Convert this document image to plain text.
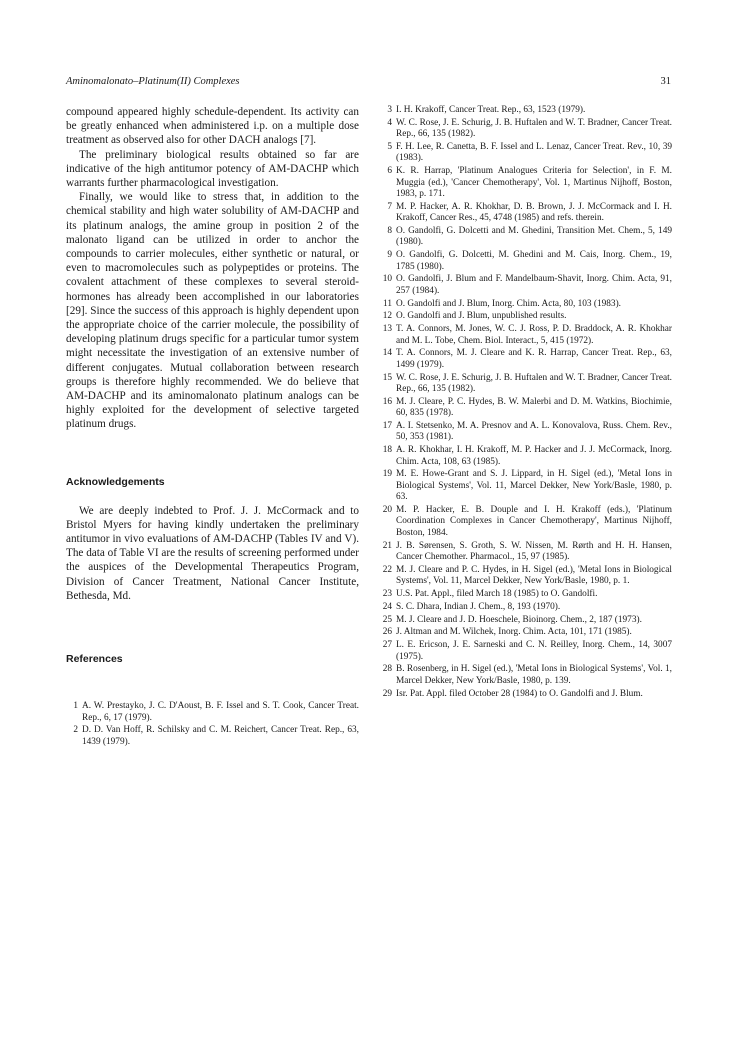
Aminomalonato–Platinum(II) Complexes	31

compound appeared highly schedule-dependent. Its activity can be greatly enhanced when administered i.p. on a multiple dose treatment as observed also for other DACH analogs [7].

The preliminary biological results obtained so far are indicative of the high antitumor potency of AM-DACHP which warrants further pharmacological investigation.

Finally, we would like to stress that, in addition to the chemical stability and high water solubility of AM-DACHP and its platinum analogs, the amine group in position 2 of the malonato ligand can be utilized in order to anchor the compounds to carrier molecules, either synthetic or natural, or even to macromolecules such as polypeptides or proteins. The covalent attachment of these complexes to several steroid-hormones has already been accomplished in our laboratories [29]. Since the success of this approach is highly dependent upon the appropriate choice of the carrier molecule, the possibility of developing platinum drugs specific for a particular tumor system might necessitate the investigation of an extensive number of different conjugates. Mutual collaboration between research groups is therefore highly recommended. We do believe that AM-DACHP and its aminomalonato platinum analogs can be highly exploited for the development of selective targeted platinum drugs.

Acknowledgements

We are deeply indebted to Prof. J. J. McCormack and to Bristol Myers for having kindly undertaken the preliminary antitumor in vivo evaluations of AM-DACHP (Tables IV and V). The data of Table VI are the results of screening performed under the auspices of the Developmental Therapeutics Program, Division of Cancer Treatment, National Cancer Institute, Bethesda, Md.

References
1 A. W. Prestayko, J. C. D'Aoust, B. F. Issel and S. T. Cook, Cancer Treat. Rep., 6, 17 (1979).
2 D. D. Van Hoff, R. Schilsky and C. M. Reichert, Cancer Treat. Rep., 63, 1439 (1979).
3 I. H. Krakoff, Cancer Treat. Rep., 63, 1523 (1979).
4 W. C. Rose, J. E. Schurig, J. B. Huftalen and W. T. Bradner, Cancer Treat. Rep., 66, 135 (1982).
5 F. H. Lee, R. Canetta, B. F. Issel and L. Lenaz, Cancer Treat. Rev., 10, 39 (1983).
6 K. R. Harrap, 'Platinum Analogues Criteria for Selection', in F. M. Muggia (ed.), 'Cancer Chemotherapy', Vol. 1, Martinus Nijhoff, Boston, 1983, p. 171.
7 M. P. Hacker, A. R. Khokhar, D. B. Brown, J. J. McCormack and I. H. Krakoff, Cancer Res., 45, 4748 (1985) and refs. therein.
8 O. Gandolfi, G. Dolcetti and M. Ghedini, Transition Met. Chem., 5, 149 (1980).
9 O. Gandolfi, G. Dolcetti, M. Ghedini and M. Cais, Inorg. Chem., 19, 1785 (1980).
10 O. Gandolfi, J. Blum and F. Mandelbaum-Shavit, Inorg. Chim. Acta, 91, 257 (1984).
11 O. Gandolfi and J. Blum, Inorg. Chim. Acta, 80, 103 (1983).
12 O. Gandolfi and J. Blum, unpublished results.
13 T. A. Connors, M. Jones, W. C. J. Ross, P. D. Braddock, A. R. Khokhar and M. L. Tobe, Chem. Biol. Interact., 5, 415 (1972).
14 T. A. Connors, M. J. Cleare and K. R. Harrap, Cancer Treat. Rep., 63, 1499 (1979).
15 W. C. Rose, J. E. Schurig, J. B. Huftalen and W. T. Bradner, Cancer Treat. Rep., 66, 135 (1982).
16 M. J. Cleare, P. C. Hydes, B. W. Malerbi and D. M. Watkins, Biochimie, 60, 835 (1978).
17 A. I. Stetsenko, M. A. Presnov and A. L. Konovalova, Russ. Chem. Rev., 50, 353 (1981).
18 A. R. Khokhar, I. H. Krakoff, M. P. Hacker and J. J. McCormack, Inorg. Chim. Acta, 108, 63 (1985).
19 M. E. Howe-Grant and S. J. Lippard, in H. Sigel (ed.), 'Metal Ions in Biological Systems', Vol. 11, Marcel Dekker, New York/Basle, 1980, p. 63.
20 M. P. Hacker, E. B. Douple and I. H. Krakoff (eds.), 'Platinum Coordination Complexes in Cancer Chemotherapy', Martinus Nijhoff, Boston, 1984.
21 J. B. Sørensen, S. Groth, S. W. Nissen, M. Rørth and H. H. Hansen, Cancer Chemother. Pharmacol., 15, 97 (1985).
22 M. J. Cleare and P. C. Hydes, in H. Sigel (ed.), 'Metal Ions in Biological Systems', Vol. 11, Marcel Dekker, New York/Basle, 1980, p. 1.
23 U.S. Pat. Appl., filed March 18 (1985) to O. Gandolfi.
24 S. C. Dhara, Indian J. Chem., 8, 193 (1970).
25 M. J. Cleare and J. D. Hoeschele, Bioinorg. Chem., 2, 187 (1973).
26 J. Altman and M. Wilchek, Inorg. Chim. Acta, 101, 171 (1985).
27 L. E. Ericson, J. E. Sarneski and C. N. Reilley, Inorg. Chem., 14, 3007 (1975).
28 B. Rosenberg, in H. Sigel (ed.), 'Metal Ions in Biological Systems', Vol. 1, Marcel Dekker, New York/Basle, 1980, p. 139.
29 Isr. Pat. Appl. filed October 28 (1984) to O. Gandolfi and J. Blum.
